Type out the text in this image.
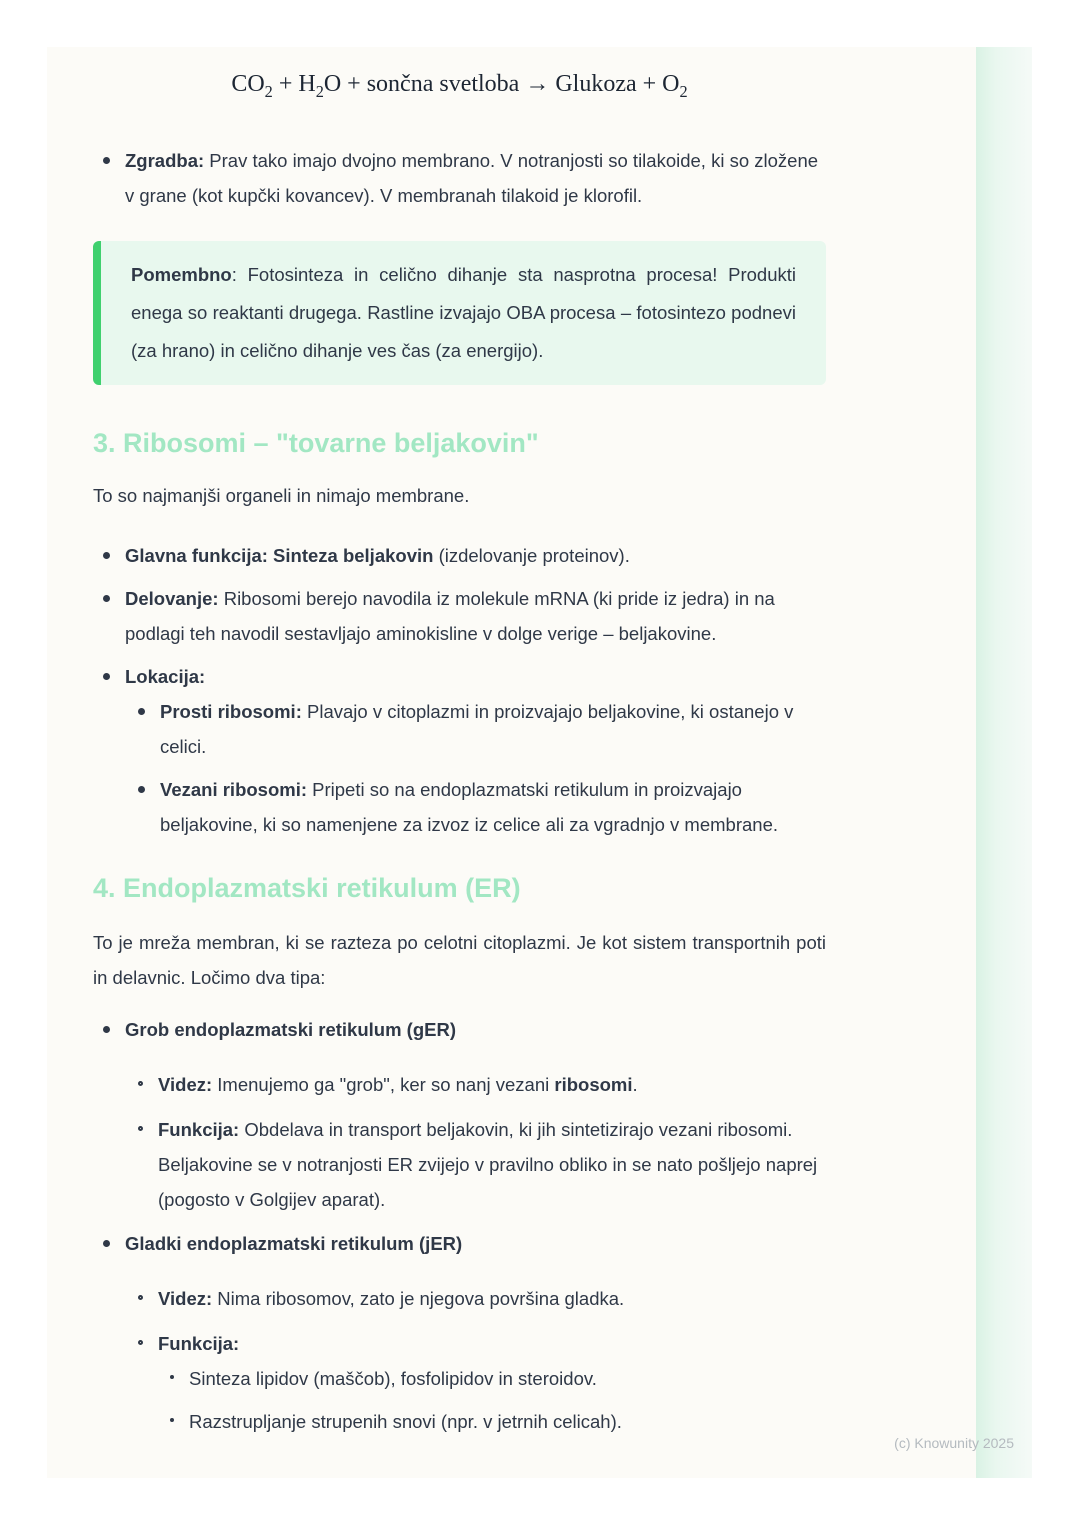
$CO_2 + H_2O$ + sončna svetloba → Glukoza + $O_2$
Zgradba: Prav tako imajo dvojno membrano. V notranjosti so tilakoide, ki so zložene v grane (kot kupčki kovancev). V membranah tilakoid je klorofil.
Pomembno: Fotosinteza in celično dihanje sta nasprotna procesa! Produkti enega so reaktanti drugega. Rastline izvajajo OBA procesa – fotosintezo podnevi (za hrano) in celično dihanje ves čas (za energijo).
3. Ribosomi – "tovarne beljakovin"
To so najmanjši organeli in nimajo membrane.
Glavna funkcija: Sinteza beljakovin (izdelovanje proteinov).
Delovanje: Ribosomi berejo navodila iz molekule mRNA (ki pride iz jedra) in na podlagi teh navodil sestavljajo aminokisline v dolge verige – beljakovine.
Lokacija:
Prosti ribosomi: Plavajo v citoplazmi in proizvajajo beljakovine, ki ostanejo v celici.
Vezani ribosomi: Pripeti so na endoplazmatski retikulum in proizvajajo beljakovine, ki so namenjene za izvoz iz celice ali za vgradnjo v membrane.
4. Endoplazmatski retikulum (ER)
To je mreža membran, ki se razteza po celotni citoplazmi. Je kot sistem transportnih poti in delavnic. Ločimo dva tipa:
Grob endoplazmatski retikulum (gER)
Videz: Imenujemo ga "grob", ker so nanj vezani ribosomi.
Funkcija: Obdelava in transport beljakovin, ki jih sintetizirajo vezani ribosomi. Beljakovine se v notranjosti ER zvijejo v pravilno obliko in se nato pošljejo naprej (pogosto v Golgijev aparat).
Gladki endoplazmatski retikulum (jER)
Videz: Nima ribosomov, zato je njegova površina gladka.
Funkcija:
Sinteza lipidov (maščob), fosfolipidov in steroidov.
Razstrupljanje strupenih snovi (npr. v jetrnih celicah).
(c) Knowunity 2025
